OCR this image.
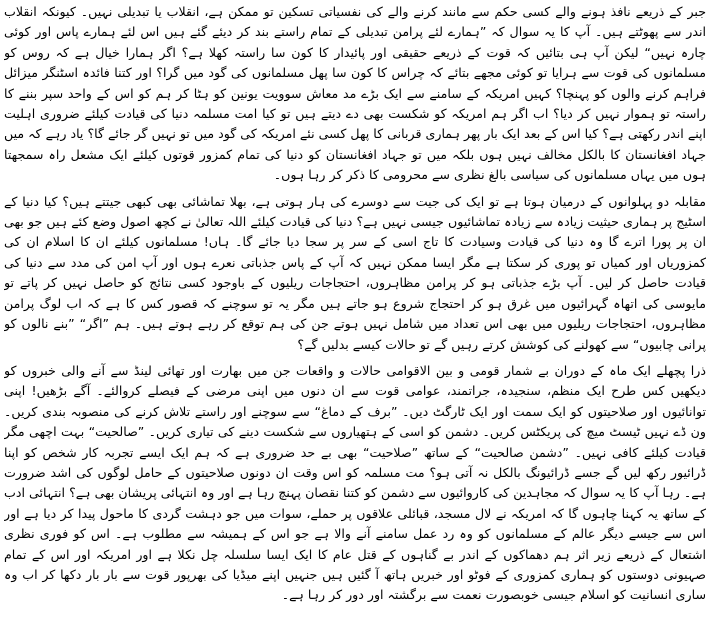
جبر کے ذریعے نافذ ہونے والے کسی حکم سے مانند کرنے والے کی نفسیاتی تسکین تو ممکن ہے، انقلاب یا تبدیلی نہیں۔ کیونکہ انقلاب اندر سے پھوٹتے ہیں۔ آپ کا یہ سوال کہ ”ہمارے لئے پرامن تبدیلی کے تمام راستے بند کر دیئے گئے ہیں اس لئے ہمارے پاس اور کوئی چارہ نہیں“ لیکن آپ ہی بتائیں کہ قوت کے ذریعے حقیقی اور پائیدار کا کون سا راستہ کھلا ہے؟ اگر ہمارا خیال ہے کہ روس کو مسلمانوں کی قوت سے ہرایا تو کوئی مجھے بتائے کہ چراس کا کون سا پھل مسلمانوں کی گود میں گرا؟ اور کتنا فائدہ اسٹنگر میزائل فراہم کرنے والوں کو پہنچا؟ کہیں امریکہ کے سامنے سے ایک بڑے مد معاش سوویت یونین کو ہٹا کر ہم کو اس کے واحد سپر بننے کا راستہ تو ہموار نہیں کر دیا؟ اب اگر ہم امریکہ کو شکست بھی دے دیتے ہیں تو کیا امت مسلمہ دنیا کی قیادت کیلئے ضروری اہلیت اپنے اندر رکھتی ہے؟ کیا اس کے بعد ایک بار پھر ہماری قربانی کا پھل کسی نئے امریکہ کی گود میں تو نہیں گر جائے گا؟ یاد رہے کہ میں جہاد افغانستان کا بالکل مخالف نہیں ہوں بلکہ میں تو جہاد افغانستان کو دنیا کی تمام کمزور قوتوں کیلئے ایک مشعل راہ سمجھتا ہوں میں یہاں مسلمانوں کی سیاسی بالغ نظری سے محرومی کا ذکر کر رہا ہوں۔

مقابلہ دو پہلوانوں کے درمیان ہوتا ہے تو ایک کی جیت سے دوسرے کی ہار ہوتی ہے، بھلا تماشائی بھی کبھی جیتتے ہیں؟ کیا دنیا کے اسٹیج پر ہماری حیثیت زیادہ سے زیادہ تماشائیوں جیسی نہیں ہے؟ دنیا کی قیادت کیلئے اللہ تعالیٰ نے کچھ اصول وضع کئے ہیں جو بھی ان پر پورا اترے گا وہ دنیا کی قیادت وسیادت کا تاج اسی کے سر پر سجا دیا جائے گا۔ ہاں! مسلمانوں کیلئے ان کا اسلام ان کی کمزوریاں اور کمیاں تو پوری کر سکتا ہے مگر ایسا ممکن نہیں کہ آپ کے پاس جذباتی نعرے ہوں اور آپ امن کی مدد سے دنیا کی قیادت حاصل کر لیں۔ آپ بڑے جذباتی ہو کر پرامن مظاہروں، احتجاجات ریلیوں کے باوجود کسی نتائج کو حاصل نہیں کر پاتے تو مایوسی کی اتھاہ گہرائیوں میں غرق ہو کر احتجاج شروع ہو جاتے ہیں مگر یہ تو سوچنے کہ قصور کس کا ہے کہ اب لوگ پرامن مظاہروں، احتجاجات ریلیوں میں بھی اس تعداد میں شامل نہیں ہوتے جن کی ہم توقع کر رہے ہوتے ہیں۔ ہم ”اگر“ ”بنے نالوں کو پرانی چابیوں“ سے کھولنے کی کوشش کرتے رہیں گے تو حالات کیسے بدلیں گے؟

ذرا پچھلے ایک ماہ کے دوران بے شمار قومی و بین الاقوامی حالات و واقعات جن میں بھارت اور تھائی لینڈ سے آنے والی خبروں کو دیکھیں کس طرح ایک منظم، سنجیدہ، جراتمند، عوامی قوت سے ان دنوں میں اپنی مرضی کے فیصلے کروالئے۔ آگے بڑھیں! اپنی توانائیوں اور صلاحیتوں کو ایک سمت اور ایک ٹارگٹ دیں۔ ”برف کے دماغ“ سے سوچنے اور راستے تلاش کرنے کی منصوبہ بندی کریں۔ ون ڈے نہیں ٹیسٹ میچ کی پریکٹس کریں۔ دشمن کو اسی کے ہتھیاروں سے شکست دینے کی تیاری کریں۔ ”صالحیت“ بہت اچھی مگر قیادت کیلئے کافی نہیں۔ ”دشمن صالحیت“ کے ساتھ ”صلاحیت“ بھی بے حد ضروری ہے کہ ہم ایک ایسے تجربہ کار شخص کو اپنا ڈرائیور رکھ لیں گے جسے ڈرائیونگ بالکل نہ آتی ہو؟ مت مسلمہ کو اس وقت ان دونوں صلاحیتوں کے حامل لوگوں کی اشد ضرورت ہے۔ رہا آپ کا یہ سوال کہ مجاہدین کی کاروائیوں سے دشمن کو کتنا نقصان پہنچ رہا ہے اور وہ انتہائی پریشان بھی ہے؟ انتہائی ادب کے ساتھ یہ کہنا چاہوں گا کہ امریکہ نے لال مسجد، قبائلی علاقوں پر حملے، سوات میں جو دہشت گردی کا ماحول پیدا کر دیا ہے اور اس سے جیسے دیگر عالم کے مسلمانوں کو وہ رد عمل سامنے آنے والا ہے جو اس کے ہمیشہ سے مطلوب ہے۔ اس کو فوری نظری اشتعال کے ذریعے زیر اثر ہم دھماکوں کے اندر بے گناہوں کے قتل عام کا ایک ایسا سلسلہ چل نکلا ہے اور امریکہ اور اس کے تمام صہیونی دوستوں کو ہماری کمزوری کے فوٹو اور خبریں ہاتھ آ گئیں ہیں جنہیں اپنے میڈیا کی بھرپور قوت سے بار بار دکھا کر اب وہ ساری انسانیت کو اسلام جیسی خوبصورت نعمت سے برگشتہ اور دور کر رہا ہے۔
